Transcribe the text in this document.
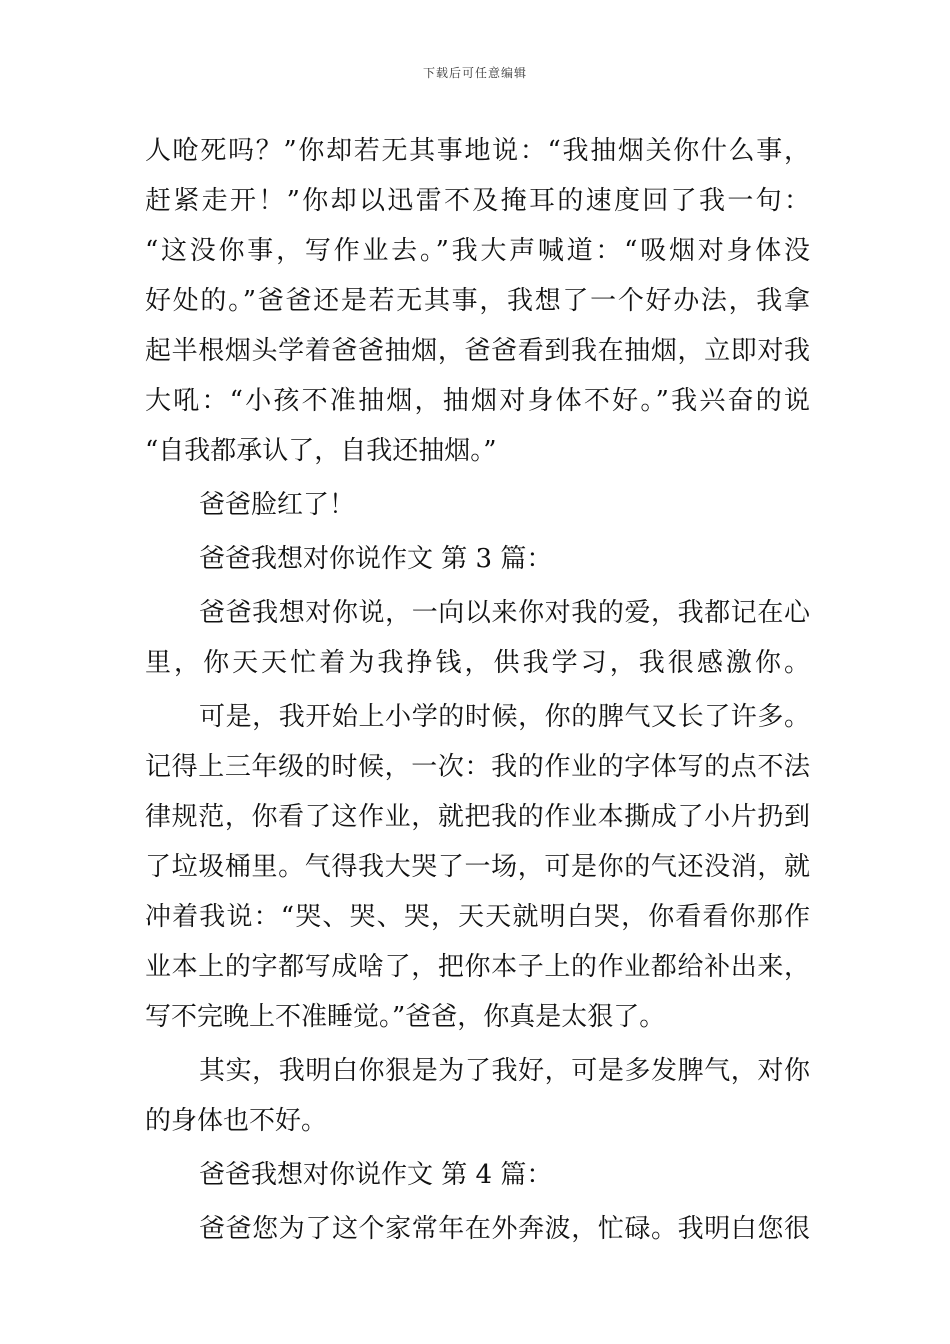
下载后可任意编辑
人呛死吗？”你却若无其事地说：“我抽烟关你什么事，
赶紧走开！”你却以迅雷不及掩耳的速度回了我一句：
“这没你事，写作业去。”我大声喊道：“吸烟对身体没
好处的。”爸爸还是若无其事，我想了一个好办法，我拿
起半根烟头学着爸爸抽烟，爸爸看到我在抽烟，立即对我
大吼：“小孩不准抽烟，抽烟对身体不好。”我兴奋的说
“自我都承认了，自我还抽烟。”
爸爸脸红了！
爸爸我想对你说作文 第 3 篇：
爸爸我想对你说，一向以来你对我的爱，我都记在心
里，你天天忙着为我挣钱，供我学习，我很感激你。
可是，我开始上小学的时候，你的脾气又长了许多。
记得上三年级的时候，一次：我的作业的字体写的点不法
律规范，你看了这作业，就把我的作业本撕成了小片扔到
了垃圾桶里。气得我大哭了一场，可是你的气还没消，就
冲着我说：“哭、哭、哭，天天就明白哭，你看看你那作
业本上的字都写成啥了，把你本子上的作业都给补出来，
写不完晚上不准睡觉。”爸爸，你真是太狠了。
其实，我明白你狠是为了我好，可是多发脾气，对你
的身体也不好。
爸爸我想对你说作文 第 4 篇：
爸爸您为了这个家常年在外奔波，忙碌。我明白您很
